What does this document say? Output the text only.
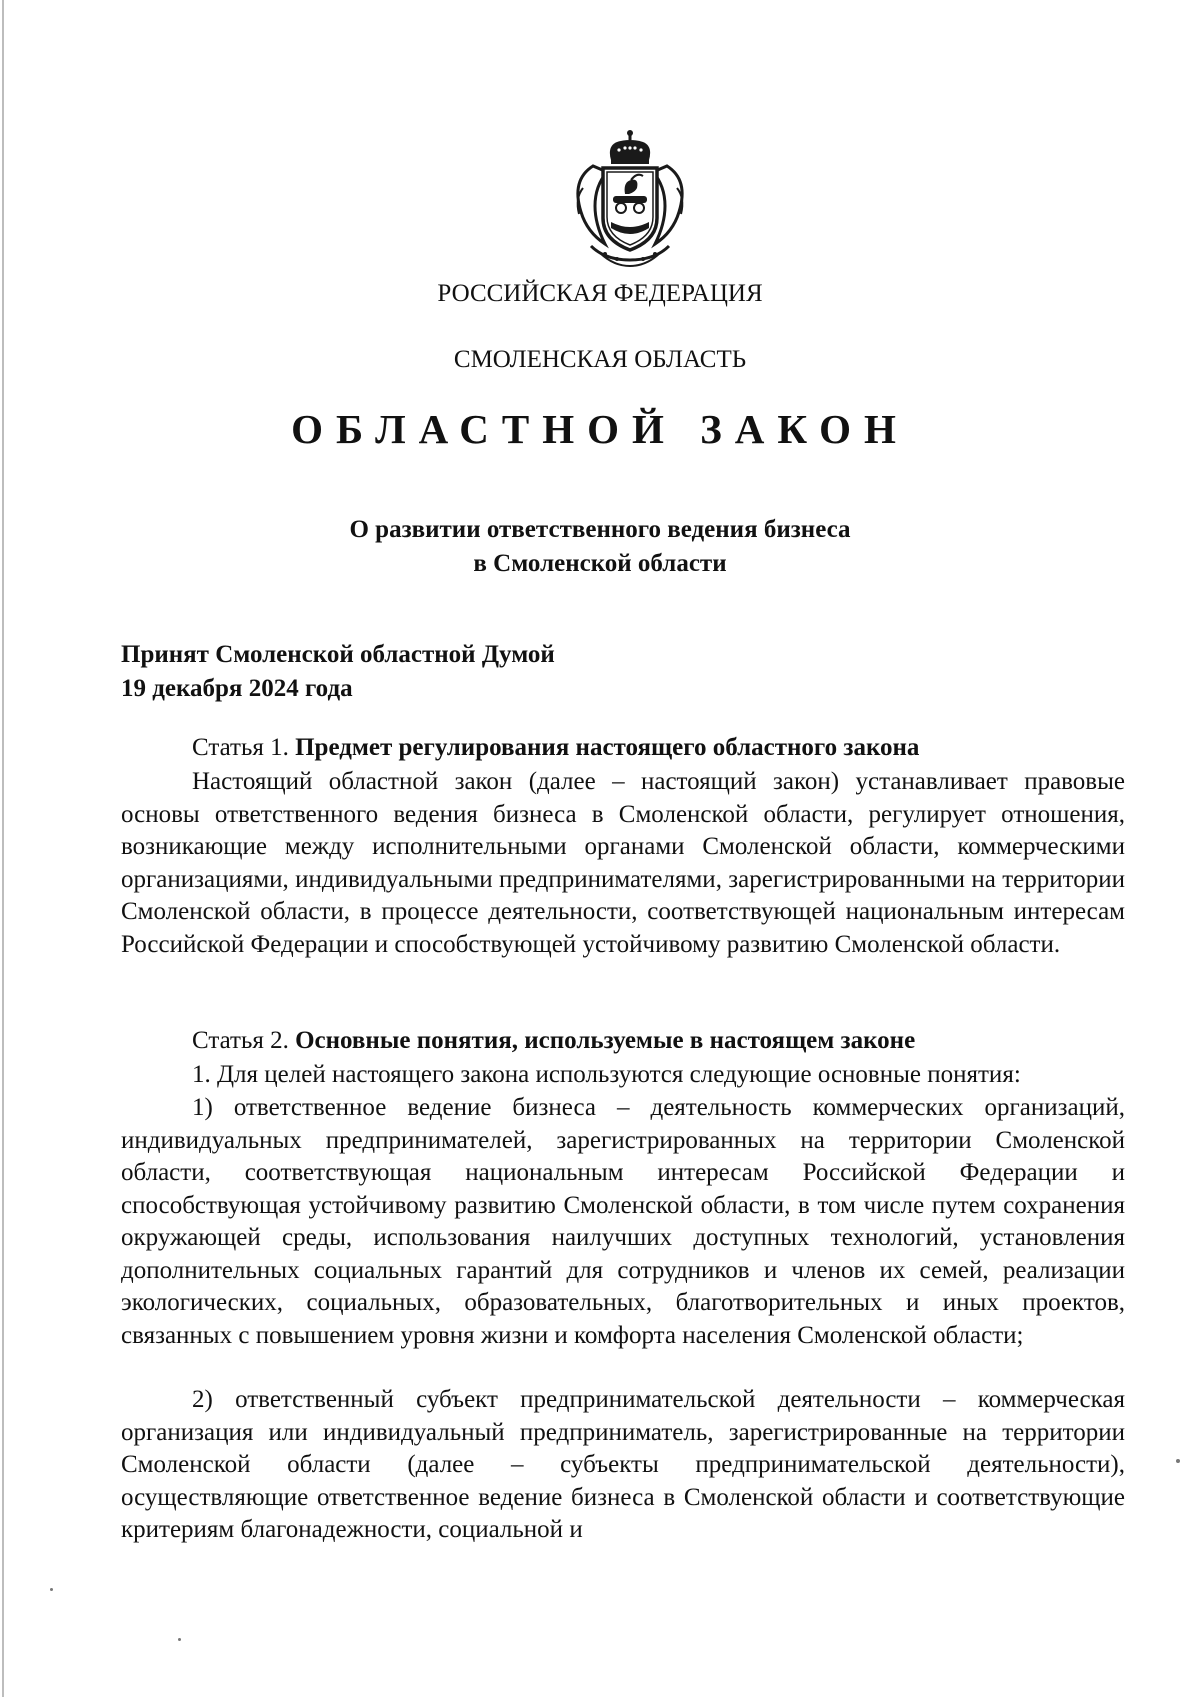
РОССИЙСКАЯ ФЕДЕРАЦИЯ
СМОЛЕНСКАЯ ОБЛАСТЬ
ОБЛАСТНОЙ ЗАКОН
О развитии ответственного ведения бизнеса
в Смоленской области
Принят Смоленской областной Думой
19 декабря 2024 года
Статья 1. Предмет регулирования настоящего областного закона
Настоящий областной закон (далее – настоящий закон) устанавливает правовые основы ответственного ведения бизнеса в Смоленской области, регулирует отношения, возникающие между исполнительными органами Смоленской области, коммерческими организациями, индивидуальными предпринимателями, зарегистрированными на территории Смоленской области, в процессе деятельности, соответствующей национальным интересам Российской Федерации и способствующей устойчивому развитию Смоленской области.
Статья 2. Основные понятия, используемые в настоящем законе
1. Для целей настоящего закона используются следующие основные понятия:
1) ответственное ведение бизнеса – деятельность коммерческих организаций, индивидуальных предпринимателей, зарегистрированных на территории Смоленской области, соответствующая национальным интересам Российской Федерации и способствующая устойчивому развитию Смоленской области, в том числе путем сохранения окружающей среды, использования наилучших доступных технологий, установления дополнительных социальных гарантий для сотрудников и членов их семей, реализации экологических, социальных, образовательных, благотворительных и иных проектов, связанных с повышением уровня жизни и комфорта населения Смоленской области;
2) ответственный субъект предпринимательской деятельности – коммерческая организация или индивидуальный предприниматель, зарегистрированные на территории Смоленской области (далее – субъекты предпринимательской деятельности), осуществляющие ответственное ведение бизнеса в Смоленской области и соответствующие критериям благонадежности, социальной и
